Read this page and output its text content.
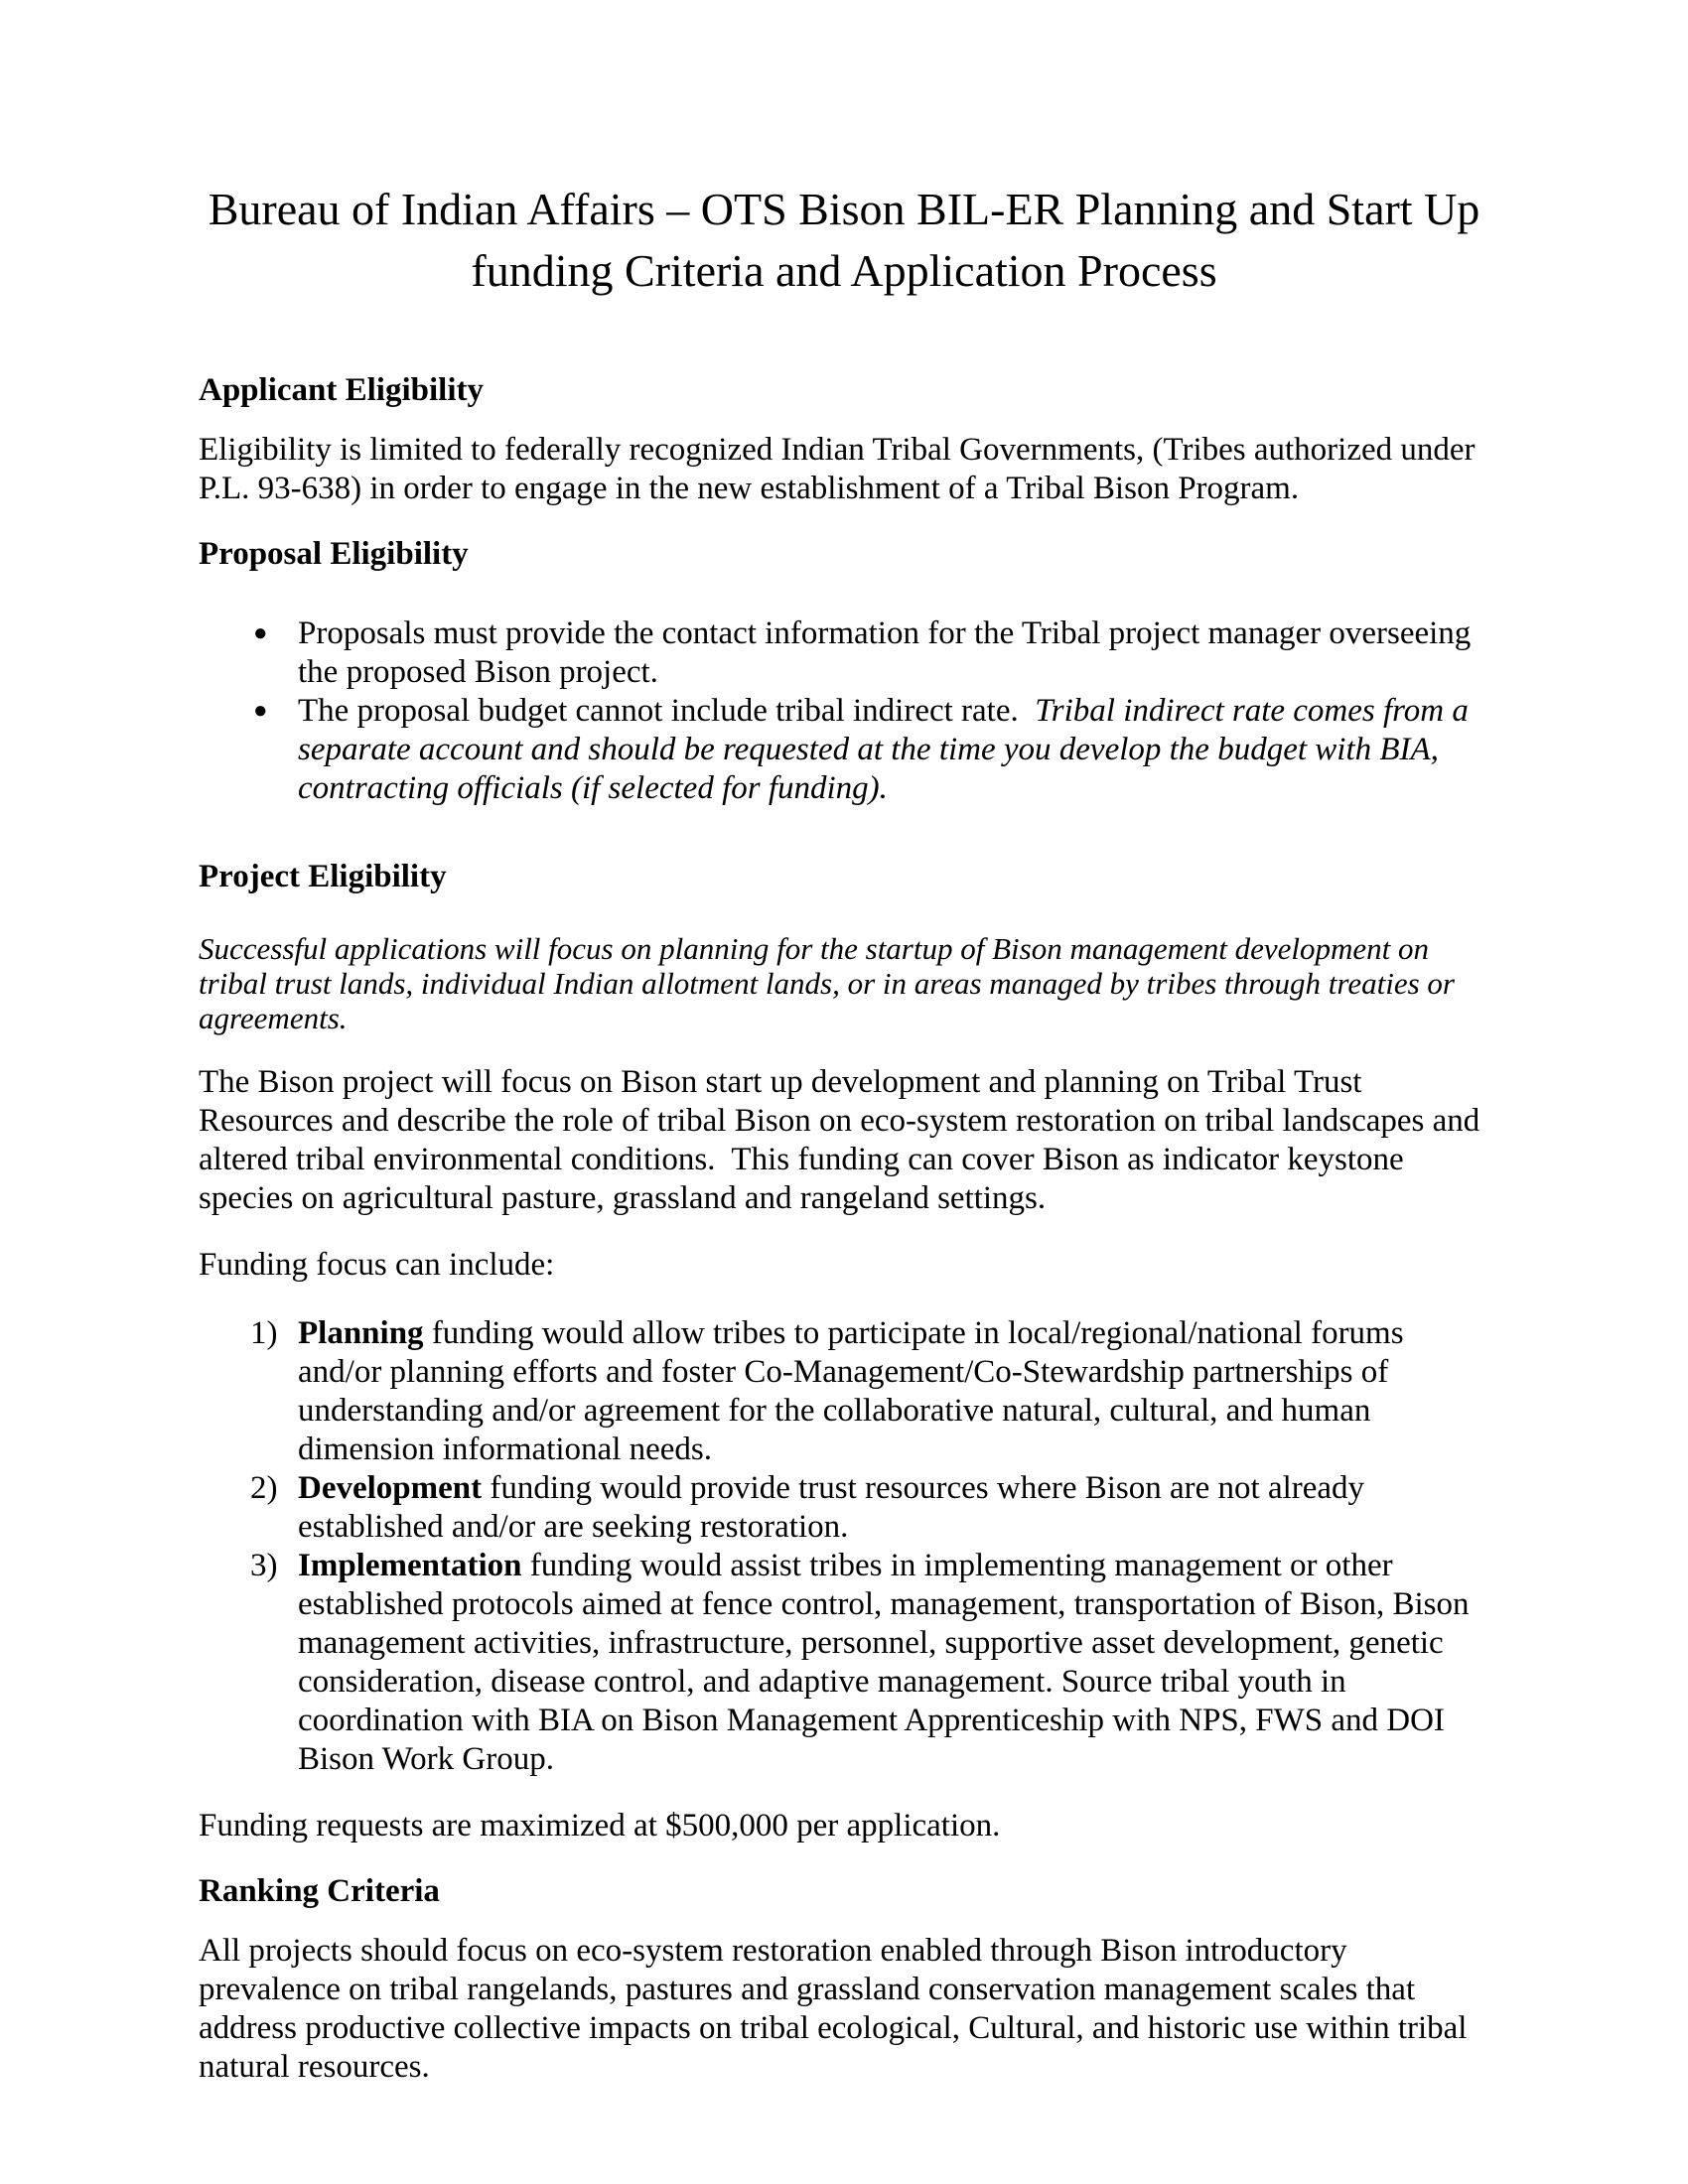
Bureau of Indian Affairs – OTS Bison BIL-ER Planning and Start Up
funding Criteria and Application Process
Applicant Eligibility

Eligibility is limited to federally recognized Indian Tribal Governments, (Tribes authorized under P.L. 93-638) in order to engage in the new establishment of a Tribal Bison Program.

Proposal Eligibility
● Proposals must provide the contact information for the Tribal project manager overseeing the proposed Bison project.
● The proposal budget cannot include tribal indirect rate.  Tribal indirect rate comes from a separate account and should be requested at the time you develop the budget with BIA, contracting officials (if selected for funding).
Project Eligibility

Successful applications will focus on planning for the startup of Bison management development on tribal trust lands, individual Indian allotment lands, or in areas managed by tribes through treaties or agreements.

The Bison project will focus on Bison start up development and planning on Tribal Trust Resources and describe the role of tribal Bison on eco-system restoration on tribal landscapes and altered tribal environmental conditions.  This funding can cover Bison as indicator keystone species on agricultural pasture, grassland and rangeland settings.

Funding focus can include:

1) Planning funding would allow tribes to participate in local/regional/national forums and/or planning efforts and foster Co-Management/Co-Stewardship partnerships of understanding and/or agreement for the collaborative natural, cultural, and human dimension informational needs.
2) Development funding would provide trust resources where Bison are not already established and/or are seeking restoration.
3) Implementation funding would assist tribes in implementing management or other established protocols aimed at fence control, management, transportation of Bison, Bison management activities, infrastructure, personnel, supportive asset development, genetic consideration, disease control, and adaptive management. Source tribal youth in coordination with BIA on Bison Management Apprenticeship with NPS, FWS and DOI Bison Work Group.

Funding requests are maximized at $500,000 per application.

Ranking Criteria

All projects should focus on eco-system restoration enabled through Bison introductory prevalence on tribal rangelands, pastures and grassland conservation management scales that address productive collective impacts on tribal ecological, Cultural, and historic use within tribal natural resources.
